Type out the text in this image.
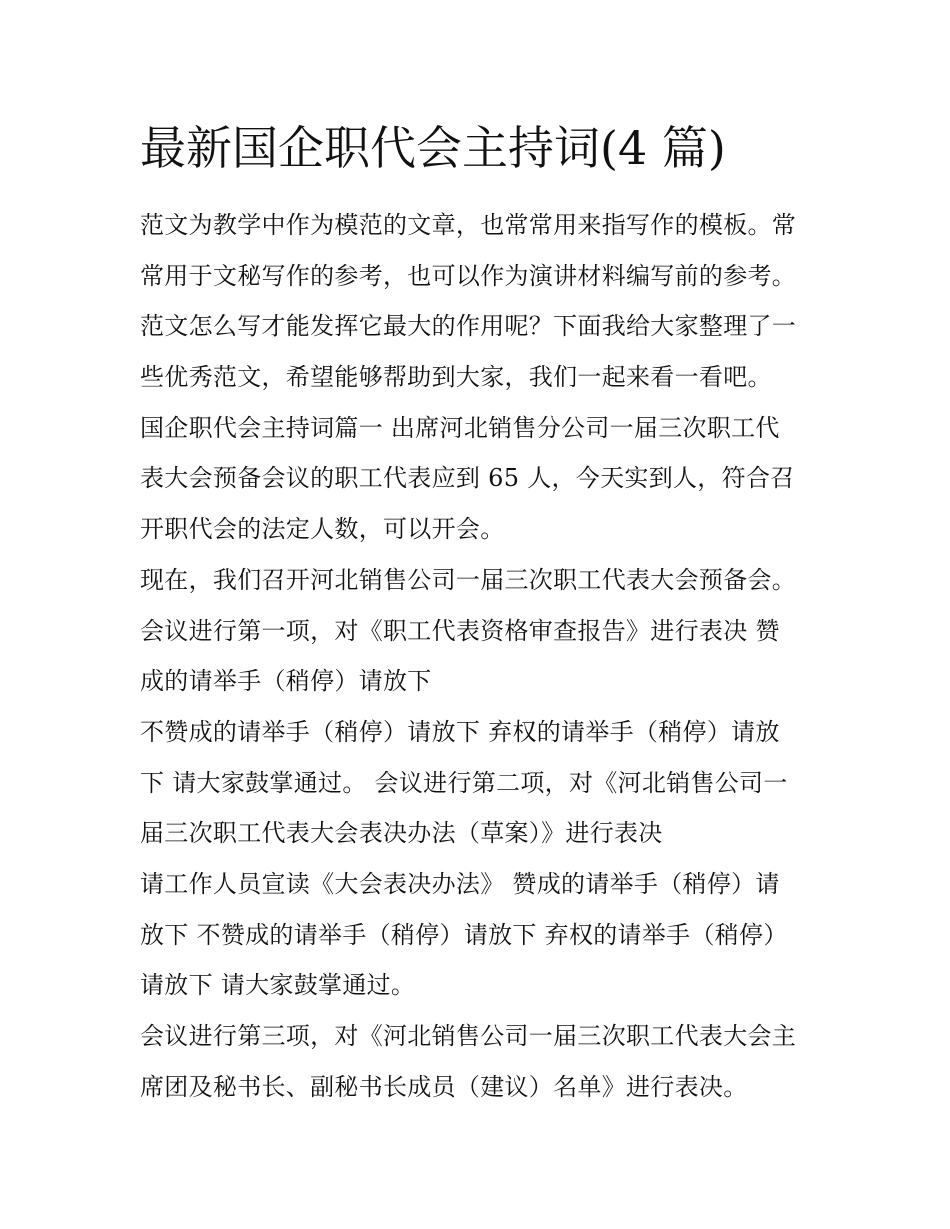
最新国企职代会主持词(4 篇)
范文为教学中作为模范的文章，也常常用来指写作的模板。常
常用于文秘写作的参考，也可以作为演讲材料编写前的参考。
范文怎么写才能发挥它最大的作用呢？下面我给大家整理了一
些优秀范文，希望能够帮助到大家，我们一起来看一看吧。
国企职代会主持词篇一 出席河北销售分公司一届三次职工代
表大会预备会议的职工代表应到 65 人，今天实到人，符合召
开职代会的法定人数，可以开会。
现在，我们召开河北销售公司一届三次职工代表大会预备会。
会议进行第一项，对《职工代表资格审查报告》进行表决 赞
成的请举手（稍停）请放下
不赞成的请举手（稍停）请放下 弃权的请举手（稍停）请放
下 请大家鼓掌通过。 会议进行第二项，对《河北销售公司一
届三次职工代表大会表决办法（草案）》进行表决
请工作人员宣读《大会表决办法》 赞成的请举手（稍停）请
放下 不赞成的请举手（稍停）请放下 弃权的请举手（稍停）
请放下 请大家鼓掌通过。
会议进行第三项，对《河北销售公司一届三次职工代表大会主
席团及秘书长、副秘书长成员（建议）名单》进行表决。
